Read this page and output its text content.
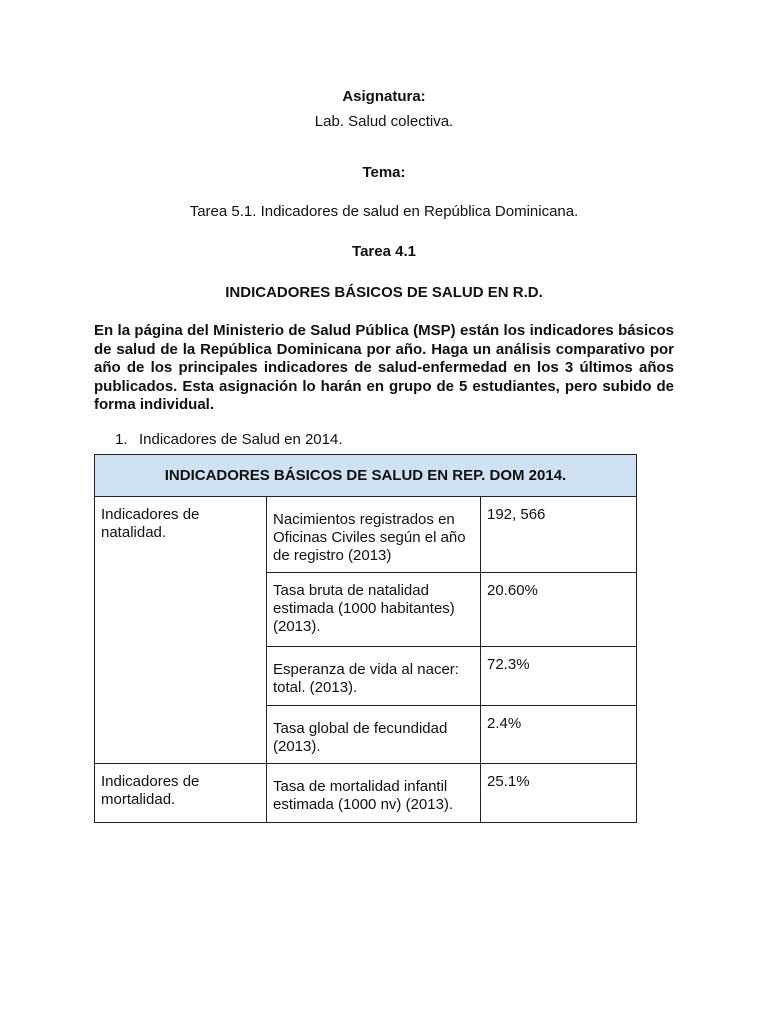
Asignatura:
Lab. Salud colectiva.
Tema:
Tarea 5.1. Indicadores de salud en República Dominicana.
Tarea 4.1
INDICADORES BÁSICOS DE SALUD EN R.D.
En la página del Ministerio de Salud Pública (MSP) están los indicadores básicos de salud de la República Dominicana por año. Haga un análisis comparativo por año de los principales indicadores de salud-enfermedad en los 3 últimos años publicados. Esta asignación lo harán en grupo de 5 estudiantes, pero subido de forma individual.
1. Indicadores de Salud en 2014.
INDICADORES BÁSICOS DE SALUD EN REP. DOM 2014.		

Indicadores de natalidad.	Nacimientos registrados en Oficinas Civiles según el año de registro (2013)	192, 566

	Tasa bruta de natalidad estimada (1000 habitantes) (2013).	20.60%

	Esperanza de vida al nacer: total. (2013).	72.3%

	Tasa global de fecundidad (2013).	2.4%

Indicadores de mortalidad.	Tasa de mortalidad infantil estimada (1000 nv) (2013).	25.1%
